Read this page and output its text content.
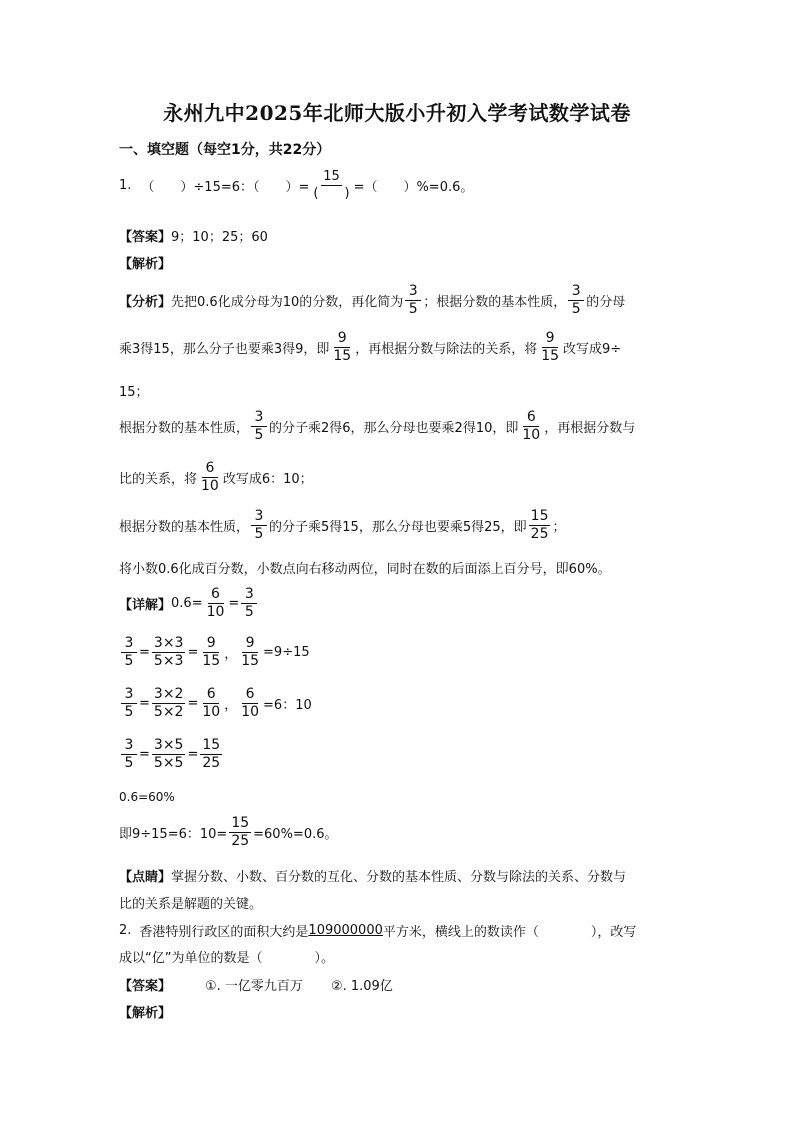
永州九中2025年北师大版小升初入学考试数学试卷
一、填空题（每空1分，共22分）
1. （　　）÷15=6：（　　）= $\frac{15}{( )}$ =（　　）%=0.6。
【答案】 9；10；25；60
【解析】
【分析】 先把0.6化成分母为10的分数，再化简为 $\frac{3}{5}$ ；根据分数的基本性质， $\frac{3}{5}$ 的分母
乘3得15，那么分子也要乘3得9，即 $\frac{9}{15}$ ，再根据分数与除法的关系，将 $\frac{9}{15}$ 改写成9÷
15；
根据分数的基本性质， $\frac{3}{5}$ 的分子乘2得6，那么分母也要乘2得10，即 $\frac{6}{10}$ ，再根据分数与
比的关系，将 $\frac{6}{10}$ 改写成6：10；
根据分数的基本性质， $\frac{3}{5}$ 的分子乘5得15，那么分母也要乘5得25，即 $\frac{15}{25}$ ；
将小数0.6化成百分数，小数点向右移动两位，同时在数的后面添上百分号，即60%。
【详解】 $0.6= \frac{6}{10} = \frac{3}{5}$
$\frac{3}{5} = \frac{3\times 3}{5\times 3} = \frac{9}{15}$ ， $\frac{9}{15} =9\div 15$
$\frac{3}{5} = \frac{3\times 2}{5\times 2} = \frac{6}{10}$ ， $\frac{6}{10} =6$：10
$\frac{3}{5} = \frac{3\times 5}{5\times 5} = \frac{15}{25}$
0.6=60%
即9÷15=6：$10= \frac{15}{25} =60\%=0.6$。
【点睛】 掌握分数、小数、百分数的互化、分数的基本性质、分数与除法的关系、分数与
比的关系是解题的关键。
2. 香港特别行政区的面积大约是 109000000 平方米，横线上的数读作（　　　　），改写
成以“亿”为单位的数是（　　　　）。
【答案】	①. 一亿零九百万 ②. 1.09亿
【解析】
